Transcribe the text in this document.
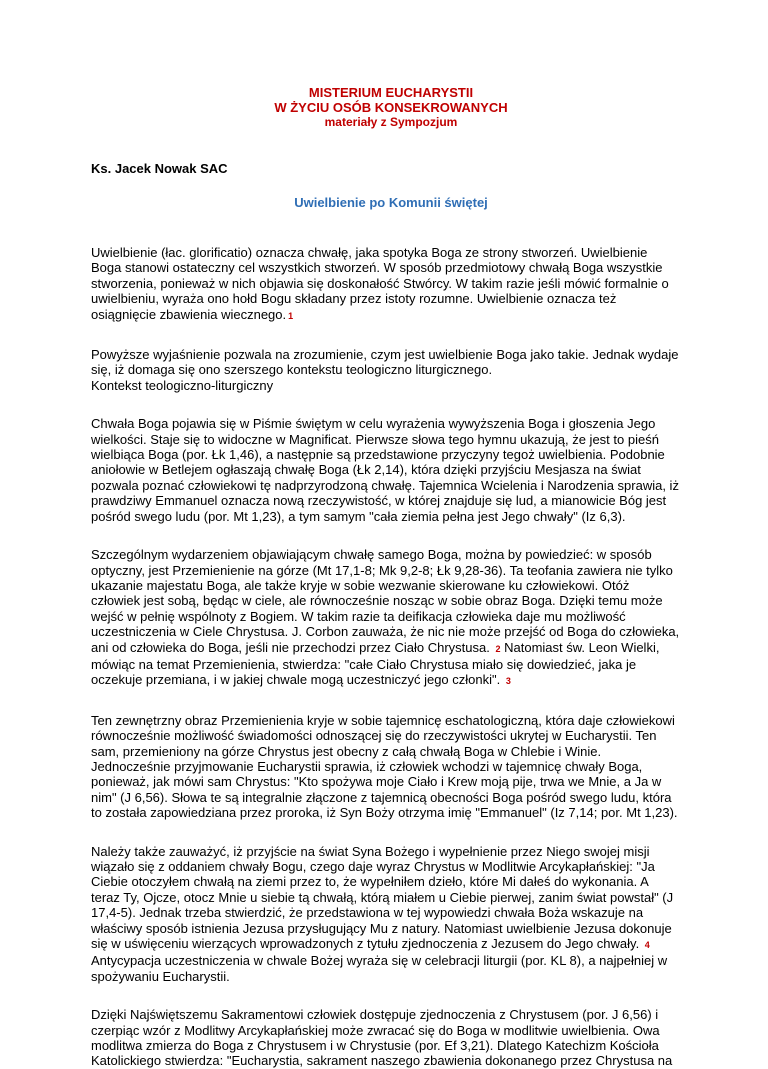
MISTERIUM EUCHARYSTII
W ŻYCIU OSÓB KONSEKROWANYCH
materiały z Sympozjum
Ks. Jacek Nowak SAC
Uwielbienie po Komunii świętej
Uwielbienie (łac. glorificatio) oznacza chwałę, jaka spotyka Boga ze strony stworzeń. Uwielbienie
Boga stanowi ostateczny cel wszystkich stworzeń. W sposób przedmiotowy chwałą Boga wszystkie
stworzenia, ponieważ w nich objawia się doskonałość Stwórcy. W takim razie jeśli mówić formalnie o
uwielbieniu, wyraża ono hołd Bogu składany przez istoty rozumne. Uwielbienie oznacza też
osiągnięcie zbawienia wiecznego. 1
Powyższe wyjaśnienie pozwala na zrozumienie, czym jest uwielbienie Boga jako takie. Jednak wydaje
się, iż domaga się ono szerszego kontekstu teologiczno liturgicznego.
Kontekst teologiczno-liturgiczny
Chwała Boga pojawia się w Piśmie świętym w celu wyrażenia wywyższenia Boga i głoszenia Jego
wielkości. Staje się to widoczne w Magnificat. Pierwsze słowa tego hymnu ukazują, że jest to pieśń
wielbiąca Boga (por. Łk 1,46), a następnie są przedstawione przyczyny tegoż uwielbienia. Podobnie
aniołowie w Betlejem ogłaszają chwałę Boga (Łk 2,14), która dzięki przyjściu Mesjasza na świat
pozwala poznać człowiekowi tę nadprzyrodzoną chwałę. Tajemnica Wcielenia i Narodzenia sprawia, iż
prawdziwy Emmanuel oznacza nową rzeczywistość, w której znajduje się lud, a mianowicie Bóg jest
pośród swego ludu (por. Mt 1,23), a tym samym "cała ziemia pełna jest Jego chwały" (Iz 6,3).
Szczególnym wydarzeniem objawiającym chwałę samego Boga, można by powiedzieć: w sposób
optyczny, jest Przemienienie na górze (Mt 17,1-8; Mk 9,2-8; Łk 9,28-36). Ta teofania zawiera nie tylko
ukazanie majestatu Boga, ale także kryje w sobie wezwanie skierowane ku człowiekowi. Otóż
człowiek jest sobą, będąc w ciele, ale równocześnie nosząc w sobie obraz Boga. Dzięki temu może
wejść w pełnię wspólnoty z Bogiem. W takim razie ta deifikacja człowieka daje mu możliwość
uczestniczenia w Ciele Chrystusa. J. Corbon zauważa, że nic nie może przejść od Boga do człowieka,
ani od człowieka do Boga, jeśli nie przechodzi przez Ciało Chrystusa. 2 Natomiast św. Leon Wielki,
mówiąc na temat Przemienienia, stwierdza: "całe Ciało Chrystusa miało się dowiedzieć, jaka je
oczekuje przemiana, i w jakiej chwale mogą uczestniczyć jego członki". 3
Ten zewnętrzny obraz Przemienienia kryje w sobie tajemnicę eschatologiczną, która daje człowiekowi
równocześnie możliwość świadomości odnoszącej się do rzeczywistości ukrytej w Eucharystii. Ten
sam, przemieniony na górze Chrystus jest obecny z całą chwałą Boga w Chlebie i Winie.
Jednocześnie przyjmowanie Eucharystii sprawia, iż człowiek wchodzi w tajemnicę chwały Boga,
ponieważ, jak mówi sam Chrystus: "Kto spożywa moje Ciało i Krew moją pije, trwa we Mnie, a Ja w
nim" (J 6,56). Słowa te są integralnie złączone z tajemnicą obecności Boga pośród swego ludu, która
to została zapowiedziana przez proroka, iż Syn Boży otrzyma imię "Emmanuel" (Iz 7,14; por. Mt 1,23).
Należy także zauważyć, iż przyjście na świat Syna Bożego i wypełnienie przez Niego swojej misji
wiązało się z oddaniem chwały Bogu, czego daje wyraz Chrystus w Modlitwie Arcykapłańskiej: "Ja
Ciebie otoczyłem chwałą na ziemi przez to, że wypełniłem dzieło, które Mi dałeś do wykonania. A
teraz Ty, Ojcze, otocz Mnie u siebie tą chwałą, którą miałem u Ciebie pierwej, zanim świat powstał" (J
17,4-5). Jednak trzeba stwierdzić, że przedstawiona w tej wypowiedzi chwała Boża wskazuje na
właściwy sposób istnienia Jezusa przysługujący Mu z natury. Natomiast uwielbienie Jezusa dokonuje
się w uświęceniu wierzących wprowadzonych z tytułu zjednoczenia z Jezusem do Jego chwały. 4
Antycypacja uczestniczenia w chwale Bożej wyraża się w celebracji liturgii (por. KL 8), a najpełniej w
spożywaniu Eucharystii.
Dzięki Najświętszemu Sakramentowi człowiek dostępuje zjednoczenia z Chrystusem (por. J 6,56) i
czerpiąc wzór z Modlitwy Arcykapłańskiej może zwracać się do Boga w modlitwie uwielbienia. Owa
modlitwa zmierza do Boga z Chrystusem i w Chrystusie (por. Ef 3,21). Dlatego Katechizm Kościoła
Katolickiego stwierdza: "Eucharystia, sakrament naszego zbawienia dokonanego przez Chrystusa na
